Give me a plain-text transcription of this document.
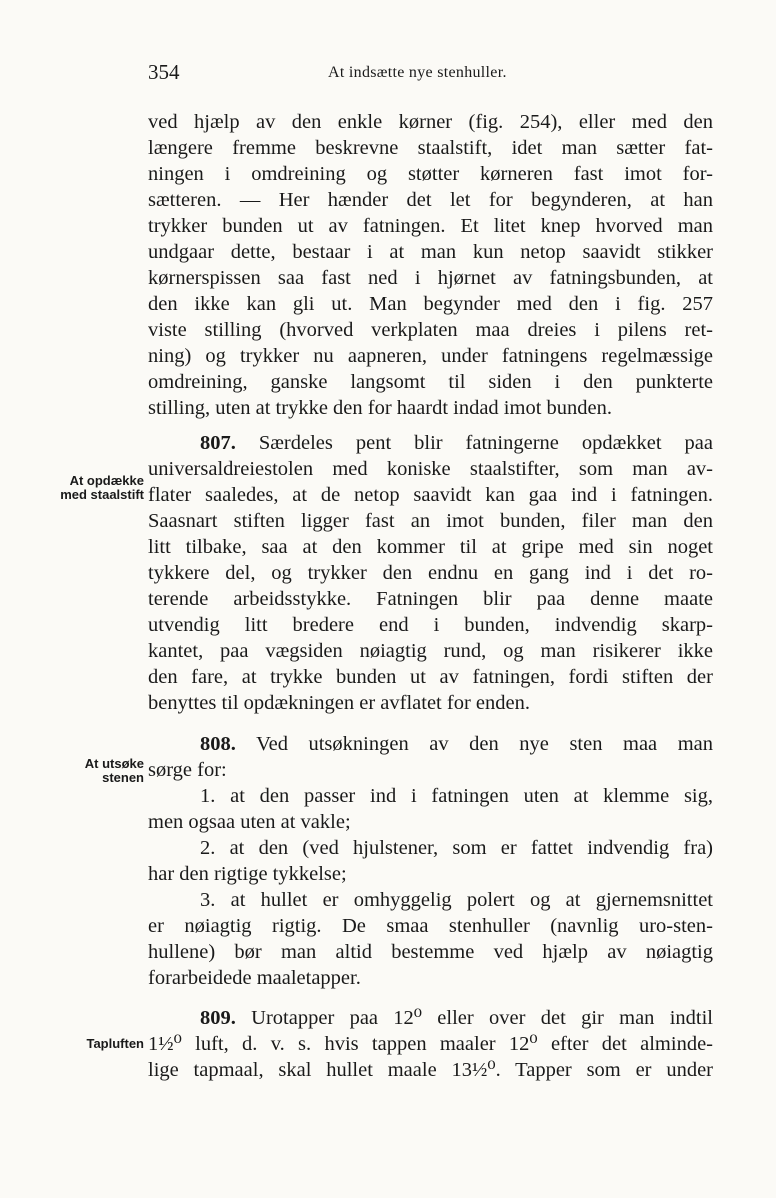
354	At indsætte nye stenhuller.
ved hjælp av den enkle kørner (fig. 254), eller med den
længere fremme beskrevne staalstift, idet man sætter fat-
ningen i omdreining og støtter kørneren fast imot for-
sætteren. — Her hænder det let for begynderen, at han
trykker bunden ut av fatningen. Et litet knep hvorved man
undgaar dette, bestaar i at man kun netop saavidt stikker
kørnerspissen saa fast ned i hjørnet av fatningsbunden, at
den ikke kan gli ut. Man begynder med den i fig. 257
viste stilling (hvorved verkplaten maa dreies i pilens ret-
ning) og trykker nu aapneren, under fatningens regelmæssige
omdreining, ganske langsomt til siden i den punkterte
stilling, uten at trykke den for haardt indad imot bunden.
807. Særdeles pent blir fatningerne opdækket paa
At opdække
med staalstift
universaldreiestolen med koniske staalstifter, som man av-
flater saaledes, at de netop saavidt kan gaa ind i fatningen.
Saasnart stiften ligger fast an imot bunden, filer man den
litt tilbake, saa at den kommer til at gripe med sin noget
tykkere del, og trykker den endnu en gang ind i det ro-
terende arbeidsstykke. Fatningen blir paa denne maate
utvendig litt bredere end i bunden, indvendig skarp-
kantet, paa vægsiden nøiagtig rund, og man risikerer ikke
den fare, at trykke bunden ut av fatningen, fordi stiften der
benyttes til opdækningen er avflatet for enden.
808. Ved utsøkningen av den nye sten maa man
At utsøke
stenen sørge for:
1. at den passer ind i fatningen uten at klemme sig,
men ogsaa uten at vakle;
2. at den (ved hjulstener, som er fattet indvendig fra)
har den rigtige tykkelse;
3. at hullet er omhyggelig polert og at gjernemsnittet
er nøiagtig rigtig. De smaa stenhuller (navnlig uro-sten-
hullene) bør man altid bestemme ved hjælp av nøiagtig
forarbeidede maaletapper.
809. Urotapper paa 12⁰ eller over det gir man indtil
Tapluften 1½⁰ luft, d. v. s. hvis tappen maaler 12⁰ efter det alminde-
lige tapmaal, skal hullet maale 13½⁰. Tapper som er under
